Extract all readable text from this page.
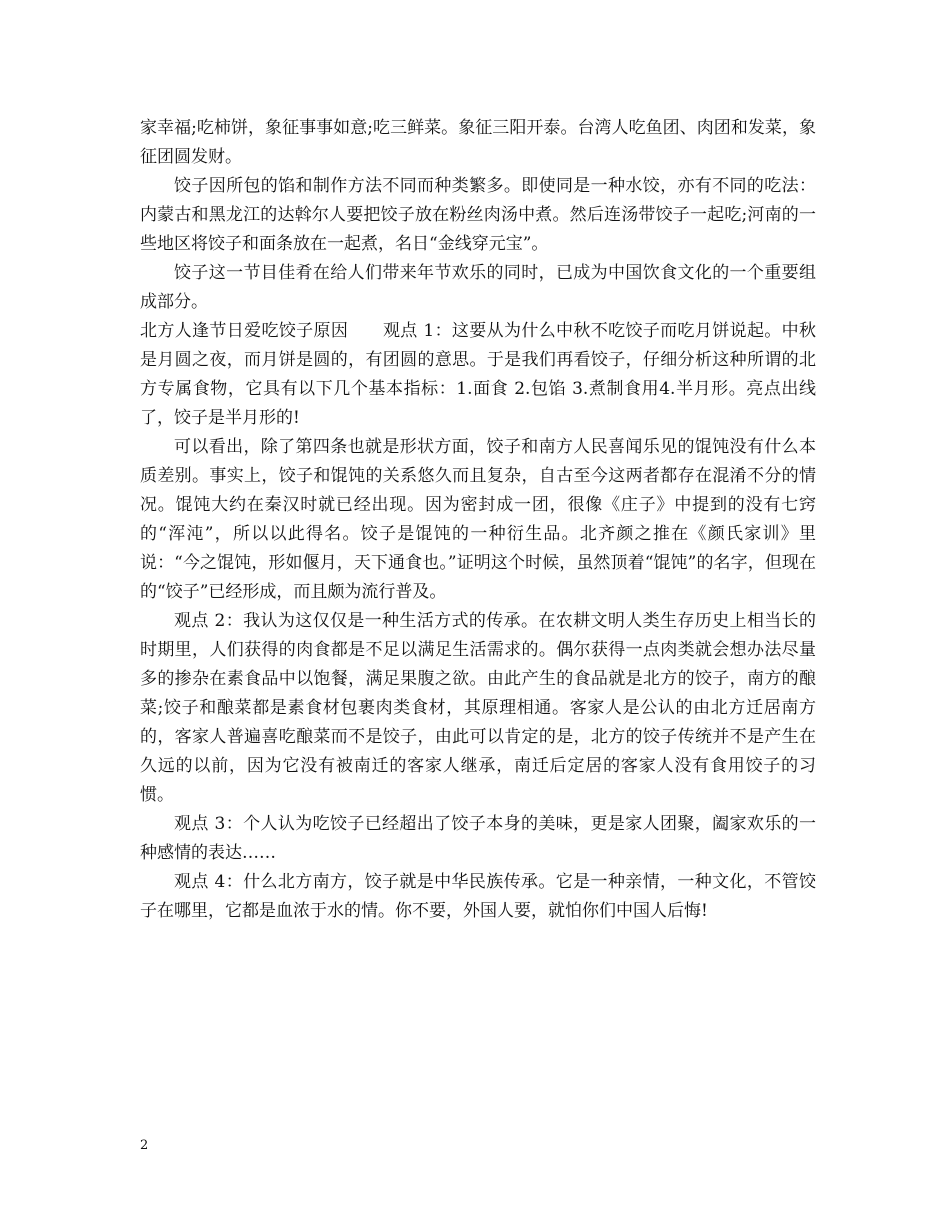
家幸福;吃柿饼，象征事事如意;吃三鲜菜。象征三阳开泰。台湾人吃鱼团、肉团和发菜，象征团圆发财。

饺子因所包的馅和制作方法不同而种类繁多。即使同是一种水饺，亦有不同的吃法：内蒙古和黑龙江的达斡尔人要把饺子放在粉丝肉汤中煮。然后连汤带饺子一起吃;河南的一些地区将饺子和面条放在一起煮，名日“金线穿元宝”。

饺子这一节目佳肴在给人们带来年节欢乐的同时，已成为中国饮食文化的一个重要组成部分。

北方人逢节日爱吃饺子原因　　观点 1：这要从为什么中秋不吃饺子而吃月饼说起。中秋是月圆之夜，而月饼是圆的，有团圆的意思。于是我们再看饺子，仔细分析这种所谓的北方专属食物，它具有以下几个基本指标：1.面食 2.包馅 3.煮制食用4.半月形。亮点出线了，饺子是半月形的!

可以看出，除了第四条也就是形状方面，饺子和南方人民喜闻乐见的馄饨没有什么本质差别。事实上，饺子和馄饨的关系悠久而且复杂，自古至今这两者都存在混淆不分的情况。馄饨大约在秦汉时就已经出现。因为密封成一团，很像《庄子》中提到的没有七窍的“浑沌”，所以以此得名。饺子是馄饨的一种衍生品。北齐颜之推在《颜氏家训》里说：“今之馄饨，形如偃月，天下通食也。”证明这个时候，虽然顶着“馄饨”的名字，但现在的“饺子”已经形成，而且颇为流行普及。

观点 2：我认为这仅仅是一种生活方式的传承。在农耕文明人类生存历史上相当长的时期里，人们获得的肉食都是不足以满足生活需求的。偶尔获得一点肉类就会想办法尽量多的掺杂在素食品中以饱餐，满足果腹之欲。由此产生的食品就是北方的饺子，南方的酿菜;饺子和酿菜都是素食材包裹肉类食材，其原理相通。客家人是公认的由北方迁居南方的，客家人普遍喜吃酿菜而不是饺子，由此可以肯定的是，北方的饺子传统并不是产生在久远的以前，因为它没有被南迁的客家人继承，南迁后定居的客家人没有食用饺子的习惯。

观点 3：个人认为吃饺子已经超出了饺子本身的美味，更是家人团聚，阖家欢乐的一种感情的表达……

观点 4：什么北方南方，饺子就是中华民族传承。它是一种亲情，一种文化，不管饺子在哪里，它都是血浓于水的情。你不要，外国人要，就怕你们中国人后悔!

2
